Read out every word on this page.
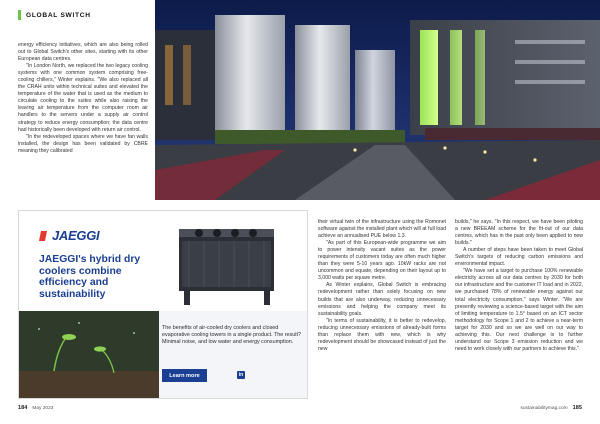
GLOBAL SWITCH

energy efficiency initiatives, which are also being rolled out to Global Switch's other sites, starting with its other European data centres.

"In London North, we replaced the two legacy cooling systems with one common system comprising free-cooling chillers," Winter explains. "We also replaced all the CRAH units within technical suites and elevated the temperature of the water that is used as the medium to circulate cooling to the suites while also raising the leaving air temperature from the computer room air handlers to the servers under a supply air control strategy to reduce energy consumption; the data centre had historically been developed with return air control.

"In the redeveloped spaces where we have fan walls installed, the design has been validated by CBRE meaning they calibrated

JAEGGI
JAEGGI's hybrid dry coolers combine efficiency and sustainability
The benefits of air-cooled dry coolers and closed evaporative cooling towers in a single product. The result? Minimal noise, and low water and energy consumption.
Learn more	in

their virtual twin of the infrastructure using the Romonet software against the installed plant which will at full load achieve an annualised PUE below 1.3.

"As part of this European-wide programme we aim to power intensity vacant suites as the power requirements of customers today are often much higher than they were 5-10 years ago. 10kW racks are not uncommon and equate, depending on their layout up to 3,000 watts per square metre.

As Winter explains, Global Switch is embracing redevelopment rather than solely focusing on new builds that are also underway, reducing unnecessary emissions and helping the company meet its sustainability goals.

"In terms of sustainability, it is better to redevelop, reducing unnecessary emissions of already-built forms than replace them with new, which is why redevelopment should be showcased instead of just the new

builds," he says. "In this respect, we have been piloting a new BREEAM scheme for the fit-out of our data centres, which has in the past only been applied to new builds."

A number of steps have been taken to meet Global Switch's targets of reducing carbon emissions and environmental impact.

"We have set a target to purchase 100% renewable electricity across all our data centres by 2030 for both our infrastructure and the customer IT load and in 2022, we purchased 78% of renewable energy against our total electricity consumption," says Winter. "We are presently reviewing a science-based target with the aim of limiting temperature to 1.5° based on an ICT sector methodology for Scope 1 and 2 to achieve a near-term target for 2030 and so we are well on our way to achieving this. Our next challenge is to further understand our Scope 3 emission reduction and we need to work closely with our partners to achieve this."

184 May 2023	sustainabilitymag.com 185
